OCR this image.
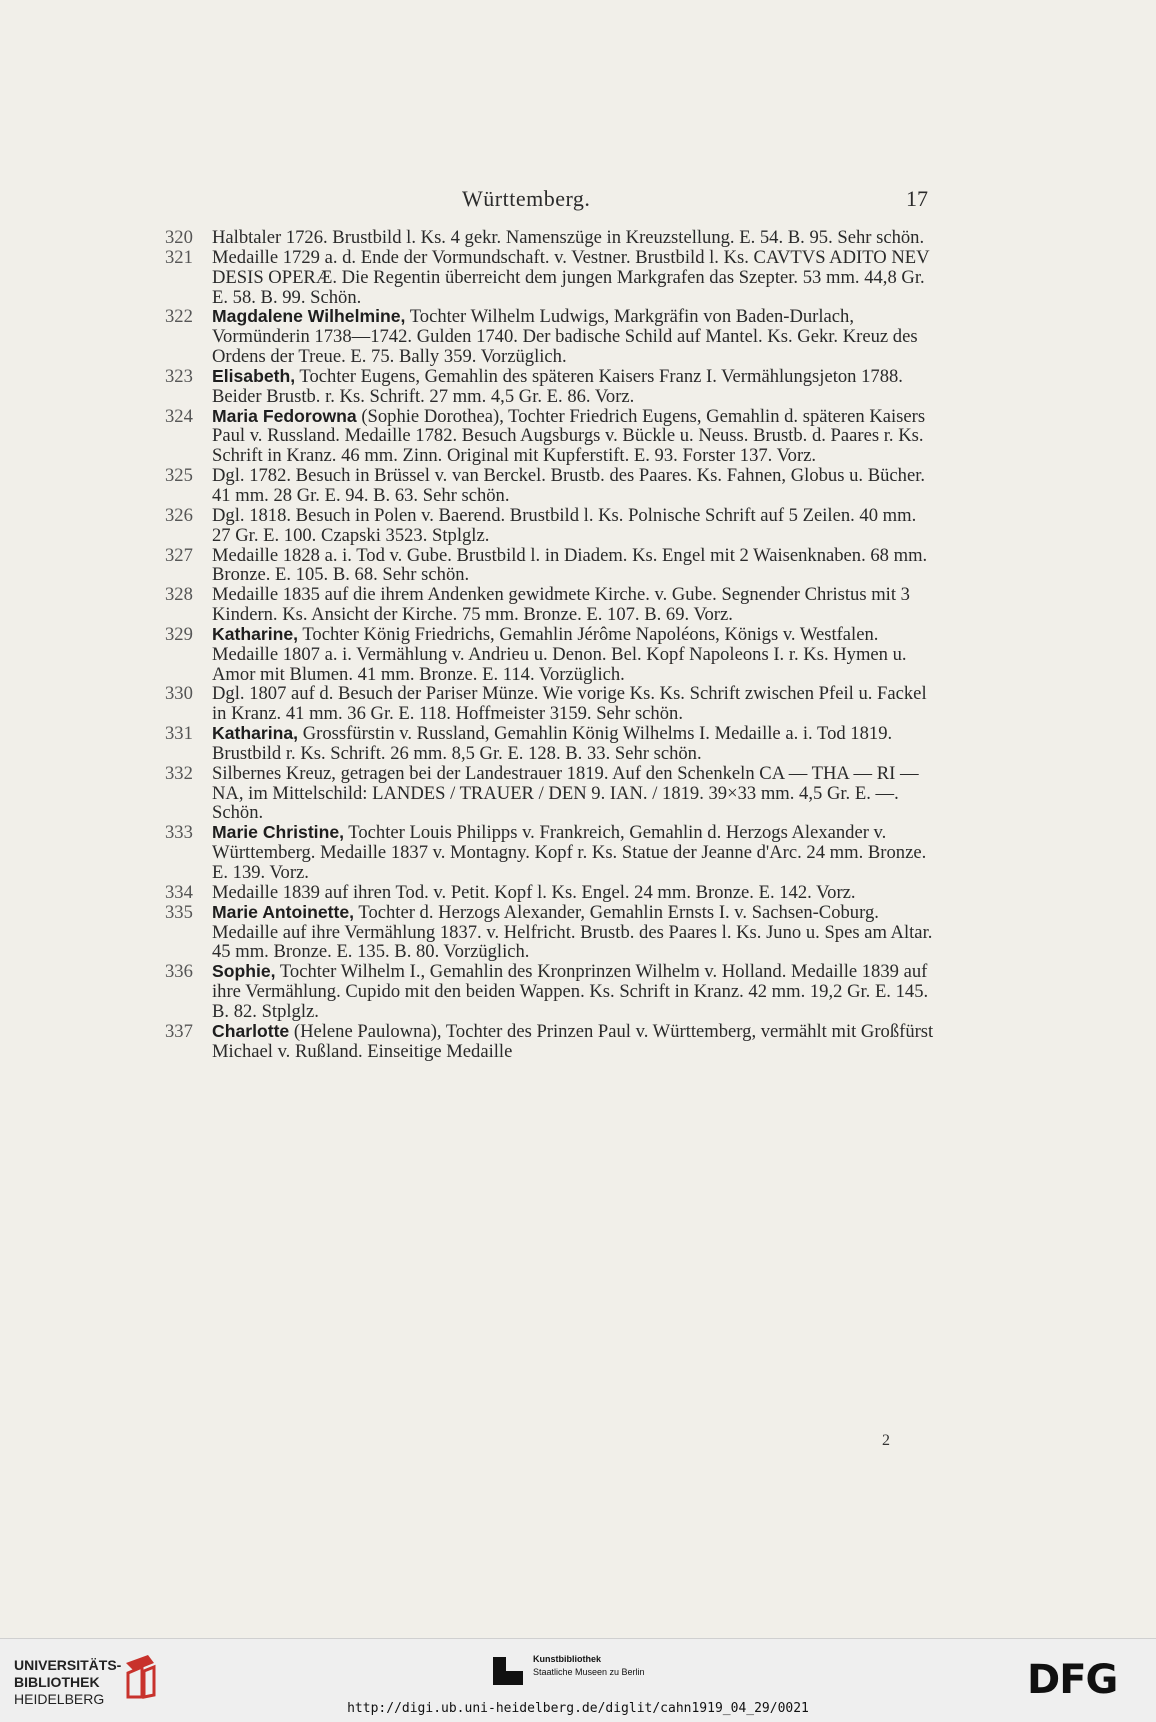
Württemberg.	17
320	Halbtaler 1726. Brustbild l. Ks. 4 gekr. Namenszüge in Kreuzstellung. E. 54. B. 95. Sehr schön.
321	Medaille 1729 a. d. Ende der Vormundschaft. v. Vestner. Brustbild l. Ks. CAVTVS ADITO NEV DESIS OPERÆ. Die Regentin überreicht dem jungen Markgrafen das Szepter. 53 mm. 44,8 Gr. E. 58. B. 99. Schön.
322	Magdalene Wilhelmine, Tochter Wilhelm Ludwigs, Markgräfin von Baden-Durlach, Vormünderin 1738—1742. Gulden 1740. Der badische Schild auf Mantel. Ks. Gekr. Kreuz des Ordens der Treue. E. 75. Bally 359. Vorzüglich.
323	Elisabeth, Tochter Eugens, Gemahlin des späteren Kaisers Franz I. Vermählungsjeton 1788. Beider Brustb. r. Ks. Schrift. 27 mm. 4,5 Gr. E. 86. Vorz.
324	Maria Fedorowna (Sophie Dorothea), Tochter Friedrich Eugens, Gemahlin d. späteren Kaisers Paul v. Russland. Medaille 1782. Besuch Augsburgs v. Bückle u. Neuss. Brustb. d. Paares r. Ks. Schrift in Kranz. 46 mm. Zinn. Original mit Kupferstift. E. 93. Forster 137. Vorz.
325	Dgl. 1782. Besuch in Brüssel v. van Berckel. Brustb. des Paares. Ks. Fahnen, Globus u. Bücher. 41 mm. 28 Gr. E. 94. B. 63. Sehr schön.
326	Dgl. 1818. Besuch in Polen v. Baerend. Brustbild l. Ks. Polnische Schrift auf 5 Zeilen. 40 mm. 27 Gr. E. 100. Czapski 3523. Stplglz.
327	Medaille 1828 a. i. Tod v. Gube. Brustbild l. in Diadem. Ks. Engel mit 2 Waisenknaben. 68 mm. Bronze. E. 105. B. 68. Sehr schön.
328	Medaille 1835 auf die ihrem Andenken gewidmete Kirche. v. Gube. Segnender Christus mit 3 Kindern. Ks. Ansicht der Kirche. 75 mm. Bronze. E. 107. B. 69. Vorz.
329	Katharine, Tochter König Friedrichs, Gemahlin Jérôme Napoléons, Königs v. Westfalen. Medaille 1807 a. i. Vermählung v. Andrieu u. Denon. Bel. Kopf Napoleons I. r. Ks. Hymen u. Amor mit Blumen. 41 mm. Bronze. E. 114. Vorzüglich.
330	Dgl. 1807 auf d. Besuch der Pariser Münze. Wie vorige Ks. Ks. Schrift zwischen Pfeil u. Fackel in Kranz. 41 mm. 36 Gr. E. 118. Hoffmeister 3159. Sehr schön.
331	Katharina, Grossfürstin v. Russland, Gemahlin König Wilhelms I. Medaille a. i. Tod 1819. Brustbild r. Ks. Schrift. 26 mm. 8,5 Gr. E. 128. B. 33. Sehr schön.
332	Silbernes Kreuz, getragen bei der Landestrauer 1819. Auf den Schenkeln CA — THA — RI — NA, im Mittelschild: LANDES / TRAUER / DEN 9. IAN. / 1819. 39×33 mm. 4,5 Gr. E. —. Schön.
333	Marie Christine, Tochter Louis Philipps v. Frankreich, Gemahlin d. Herzogs Alexander v. Württemberg. Medaille 1837 v. Montagny. Kopf r. Ks. Statue der Jeanne d'Arc. 24 mm. Bronze. E. 139. Vorz.
334	Medaille 1839 auf ihren Tod. v. Petit. Kopf l. Ks. Engel. 24 mm. Bronze. E. 142. Vorz.
335	Marie Antoinette, Tochter d. Herzogs Alexander, Gemahlin Ernsts I. v. Sachsen-Coburg. Medaille auf ihre Vermählung 1837. v. Helfricht. Brustb. des Paares l. Ks. Juno u. Spes am Altar. 45 mm. Bronze. E. 135. B. 80. Vorzüglich.
336	Sophie, Tochter Wilhelm I., Gemahlin des Kronprinzen Wilhelm v. Holland. Medaille 1839 auf ihre Vermählung. Cupido mit den beiden Wappen. Ks. Schrift in Kranz. 42 mm. 19,2 Gr. E. 145. B. 82. Stplglz.
337	Charlotte (Helene Paulowna), Tochter des Prinzen Paul v. Württemberg, vermählt mit Großfürst Michael v. Rußland. Einseitige Medaille
2
UNIVERSITÄTS-
BIBLIOTHEK
HEIDELBERG
Kunstbibliothek
Staatliche Museen zu Berlin	DFG
http://digi.ub.uni-heidelberg.de/diglit/cahn1919_04_29/0021
